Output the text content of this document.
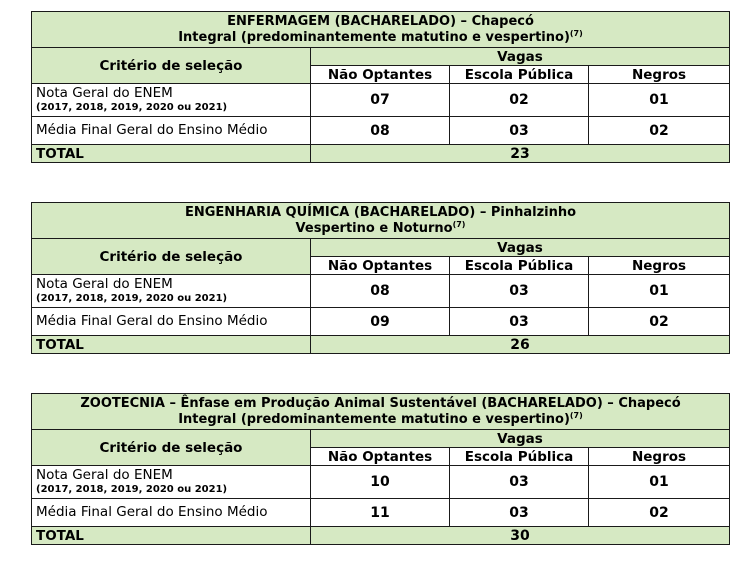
ENFERMAGEM (BACHARELADO) – Chapecó
Integral (predominantemente matutino e vespertino)$^{(7)}$

Critério de seleção	Vagas		
	Não Optantes	Escola Pública	Negros
Nota Geral do ENEM
(2017, 2018, 2019, 2020 ou 2021)	07	02	01
Média Final Geral do Ensino Médio	08	03	02
TOTAL	23		
ENGENHARIA QUÍMICA (BACHARELADO) – Pinhalzinho
Vespertino e Noturno$^{(7)}$

Critério de seleção	Vagas		
	Não Optantes	Escola Pública	Negros
Nota Geral do ENEM
(2017, 2018, 2019, 2020 ou 2021)	08	03	01
Média Final Geral do Ensino Médio	09	03	02
TOTAL	26		
ZOOTECNIA – Ênfase em Produção Animal Sustentável (BACHARELADO) – Chapecó
Integral (predominantemente matutino e vespertino)$^{(7)}$

Critério de seleção	Vagas		
	Não Optantes	Escola Pública	Negros
Nota Geral do ENEM
(2017, 2018, 2019, 2020 ou 2021)	10	03	01
Média Final Geral do Ensino Médio	11	03	02
TOTAL	30		
